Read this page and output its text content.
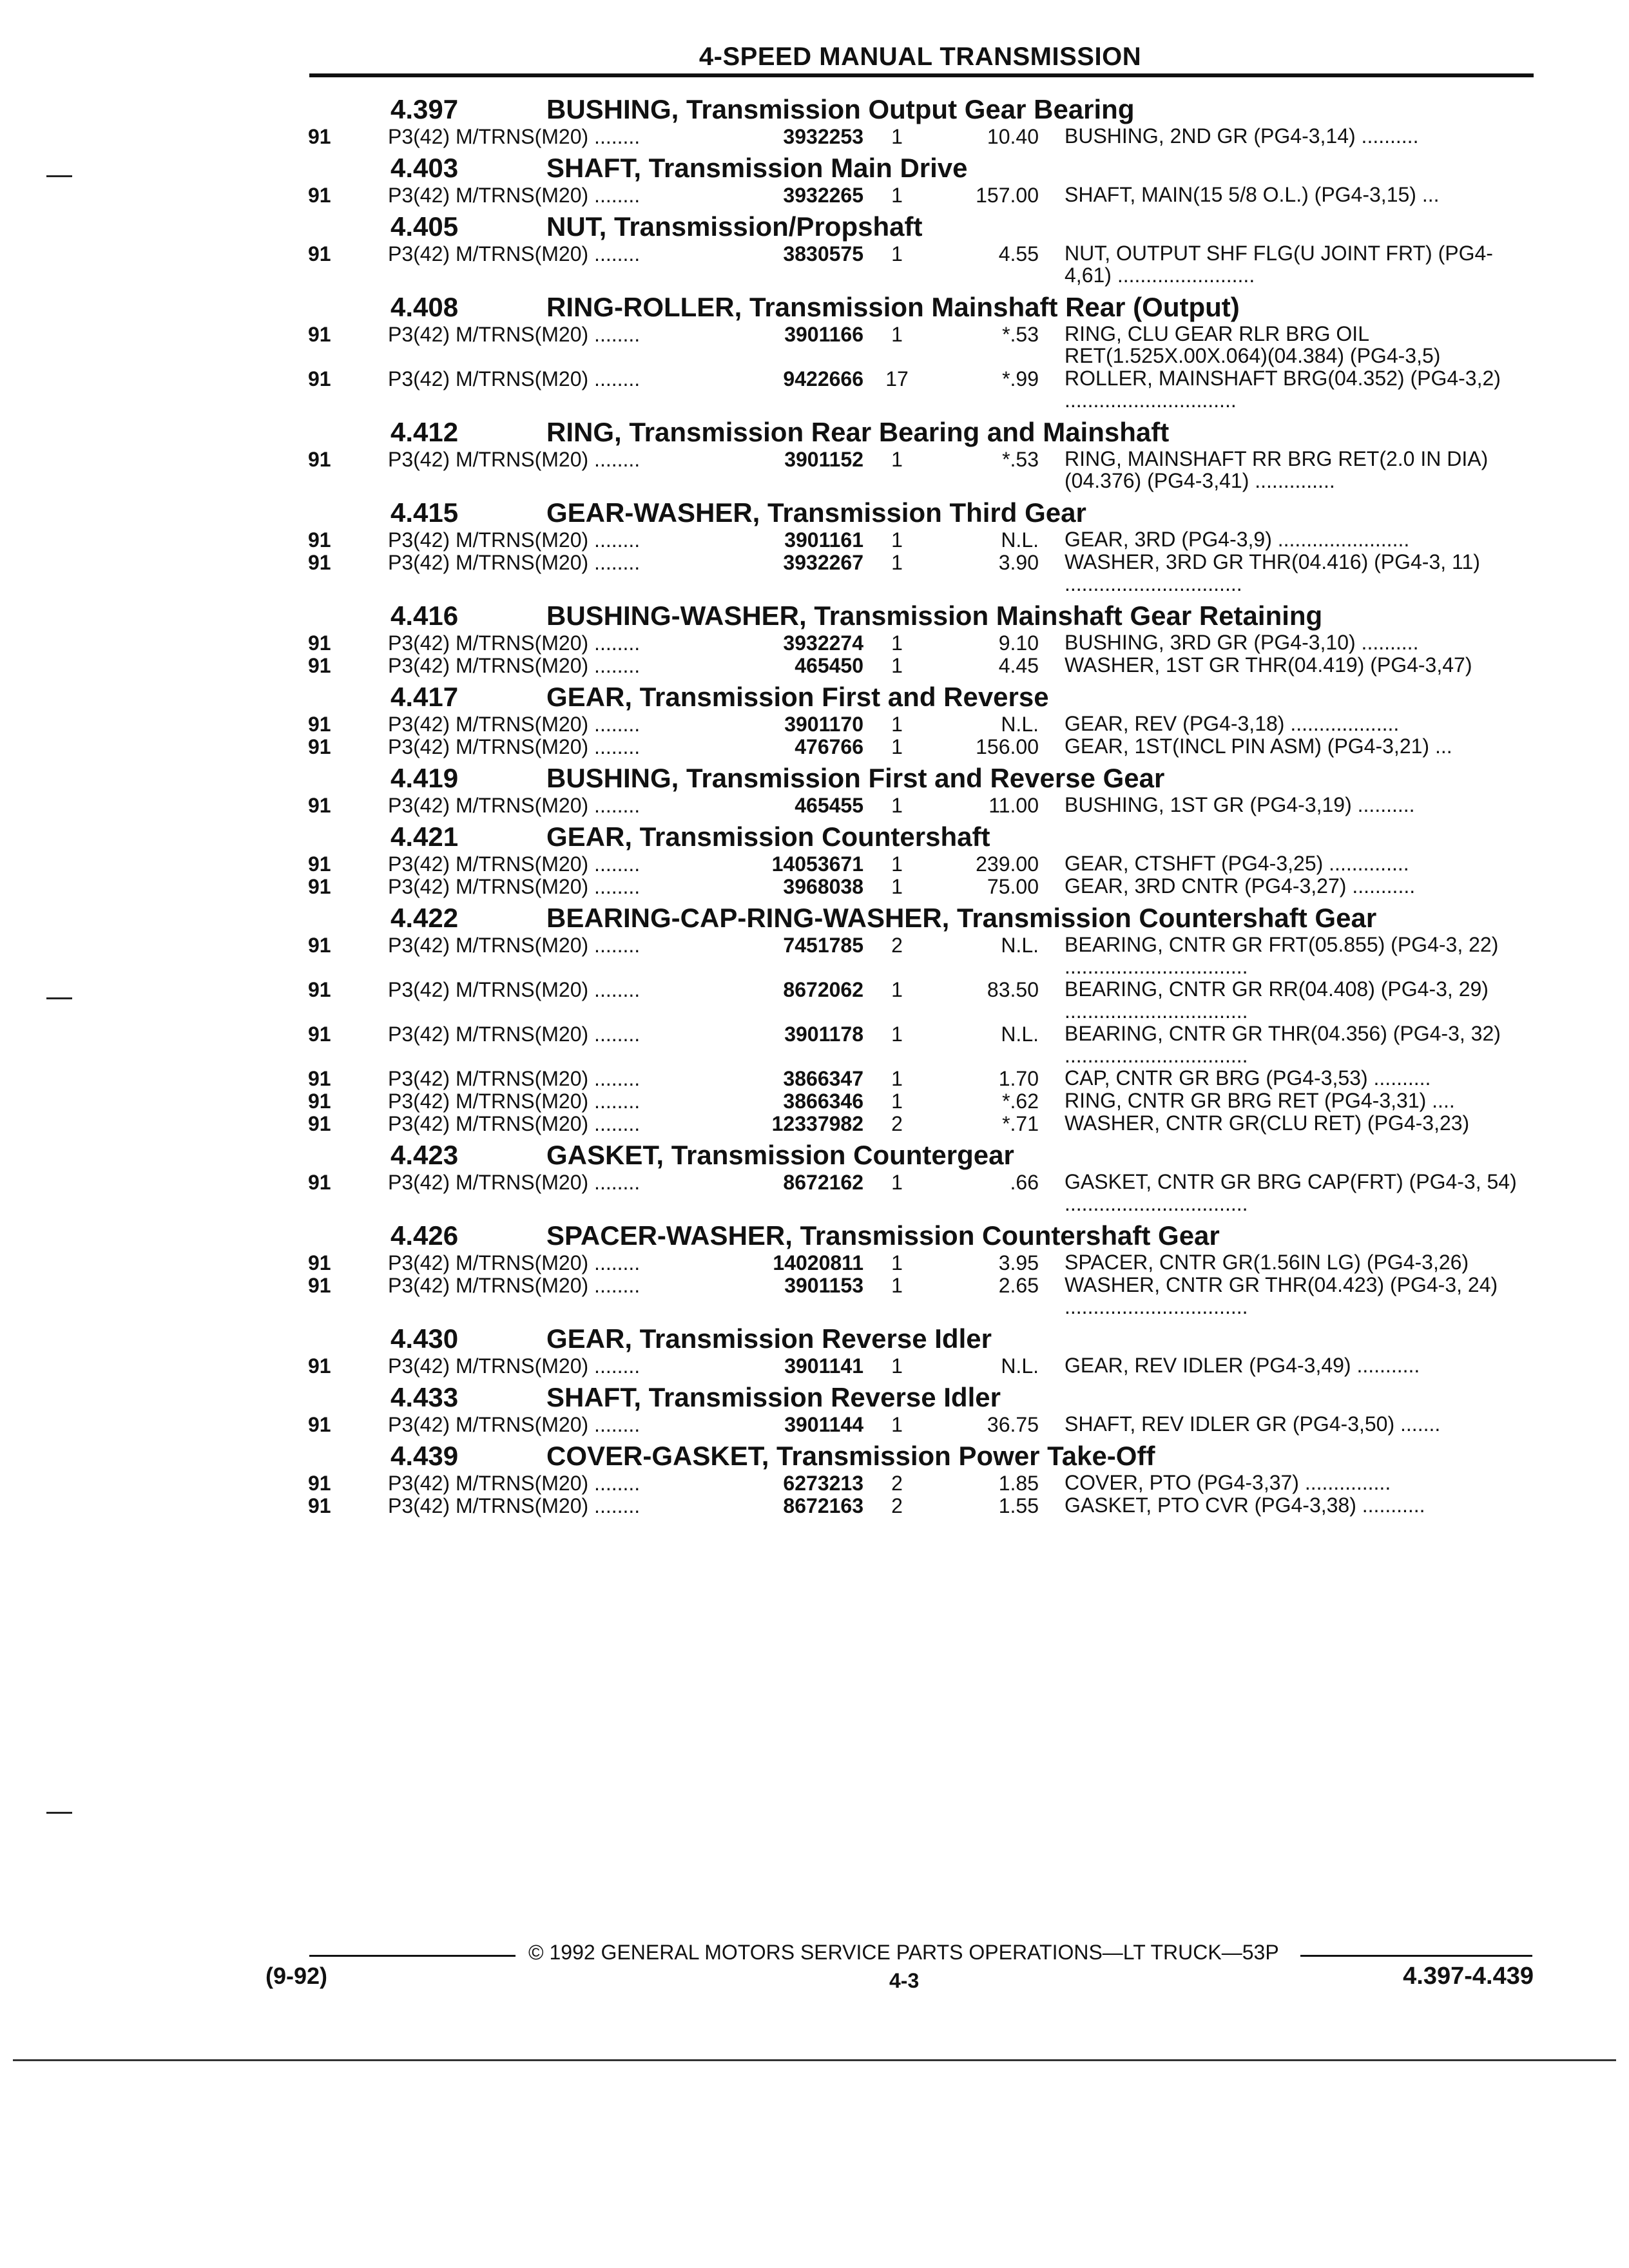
4-SPEED MANUAL TRANSMISSION
4.397	BUSHING, Transmission Output Gear Bearing
91	P3(42) M/TRNS(M20) ........	3932253	1	10.40 BUSHING, 2ND GR (PG4-3,14) ..........
4.403	SHAFT, Transmission Main Drive
91	P3(42) M/TRNS(M20) ........	3932265	1	157.00 SHAFT, MAIN(15 5/8 O.L.) (PG4-3,15) ...
4.405	NUT, Transmission/Propshaft
91	P3(42) M/TRNS(M20) ........	3830575	1	4.55 NUT, OUTPUT SHF FLG(U JOINT FRT) (PG4-4,61) ........................
4.408	RING-ROLLER, Transmission Mainshaft Rear (Output)
91	P3(42) M/TRNS(M20) ........	3901166	1	*.53 RING, CLU GEAR RLR BRG OIL RET(1.525X.00X.064)(04.384) (PG4-3,5)
91	P3(42) M/TRNS(M20) ........	9422666 17	*.99 ROLLER, MAINSHAFT BRG(04.352) (PG4-3,2) ..............................
4.412	RING, Transmission Rear Bearing and Mainshaft
91	P3(42) M/TRNS(M20) ........	3901152	1	*.53 RING, MAINSHAFT RR BRG RET(2.0 IN DIA)(04.376) (PG4-3,41) ..............
4.415	GEAR-WASHER, Transmission Third Gear
91	P3(42) M/TRNS(M20) ........	3901161	1	N.L. GEAR, 3RD (PG4-3,9) .......................
91	P3(42) M/TRNS(M20) ........	3932267	1	3.90 WASHER, 3RD GR THR(04.416) (PG4-3, 11) ...............................
4.416	BUSHING-WASHER, Transmission Mainshaft Gear Retaining
91	P3(42) M/TRNS(M20) ........	3932274	1	9.10 BUSHING, 3RD GR (PG4-3,10) ..........
91	P3(42) M/TRNS(M20) ........	465450	1	4.45 WASHER, 1ST GR THR(04.419) (PG4-3,47)
4.417	GEAR, Transmission First and Reverse
91	P3(42) M/TRNS(M20) ........	3901170	1	N.L. GEAR, REV (PG4-3,18) ...................
91	P3(42) M/TRNS(M20) ........	476766	1	156.00 GEAR, 1ST(INCL PIN ASM) (PG4-3,21) ...
4.419	BUSHING, Transmission First and Reverse Gear
91	P3(42) M/TRNS(M20) ........	465455	1	11.00 BUSHING, 1ST GR (PG4-3,19) ..........
4.421	GEAR, Transmission Countershaft
91	P3(42) M/TRNS(M20) ........	14053671	1	239.00 GEAR, CTSHFT (PG4-3,25) ..............
91	P3(42) M/TRNS(M20) ........	3968038	1	75.00 GEAR, 3RD CNTR (PG4-3,27) ...........
4.422	BEARING-CAP-RING-WASHER, Transmission Countershaft Gear
91	P3(42) M/TRNS(M20) ........	7451785	2	N.L. BEARING, CNTR GR FRT(05.855) (PG4-3, 22) ................................
91	P3(42) M/TRNS(M20) ........	8672062	1	83.50 BEARING, CNTR GR RR(04.408) (PG4-3, 29) ................................
91	P3(42) M/TRNS(M20) ........	3901178	1	N.L. BEARING, CNTR GR THR(04.356) (PG4-3, 32) ................................
91	P3(42) M/TRNS(M20) ........	3866347	1	1.70 CAP, CNTR GR BRG (PG4-3,53) ..........
91	P3(42) M/TRNS(M20) ........	3866346	1	*.62 RING, CNTR GR BRG RET (PG4-3,31) ....
91	P3(42) M/TRNS(M20) ........	12337982	2	*.71 WASHER, CNTR GR(CLU RET) (PG4-3,23)
4.423	GASKET, Transmission Countergear
91	P3(42) M/TRNS(M20) ........	8672162	1	.66 GASKET, CNTR GR BRG CAP(FRT) (PG4-3, 54) ................................
4.426	SPACER-WASHER, Transmission Countershaft Gear
91	P3(42) M/TRNS(M20) ........	14020811	1	3.95 SPACER, CNTR GR(1.56IN LG) (PG4-3,26)
91	P3(42) M/TRNS(M20) ........	3901153	1	2.65 WASHER, CNTR GR THR(04.423) (PG4-3, 24) ................................
4.430	GEAR, Transmission Reverse Idler
91	P3(42) M/TRNS(M20) ........	3901141	1	N.L. GEAR, REV IDLER (PG4-3,49) ...........
4.433	SHAFT, Transmission Reverse Idler
91	P3(42) M/TRNS(M20) ........	3901144	1	36.75 SHAFT, REV IDLER GR (PG4-3,50) .......
4.439	COVER-GASKET, Transmission Power Take-Off
91	P3(42) M/TRNS(M20) ........	6273213	2	1.85 COVER, PTO (PG4-3,37) ...............
91	P3(42) M/TRNS(M20) ........	8672163	2	1.55 GASKET, PTO CVR (PG4-3,38) ...........
© 1992 GENERAL MOTORS SERVICE PARTS OPERATIONS—LT TRUCK—53P
(9-92)	4-3	4.397-4.439
